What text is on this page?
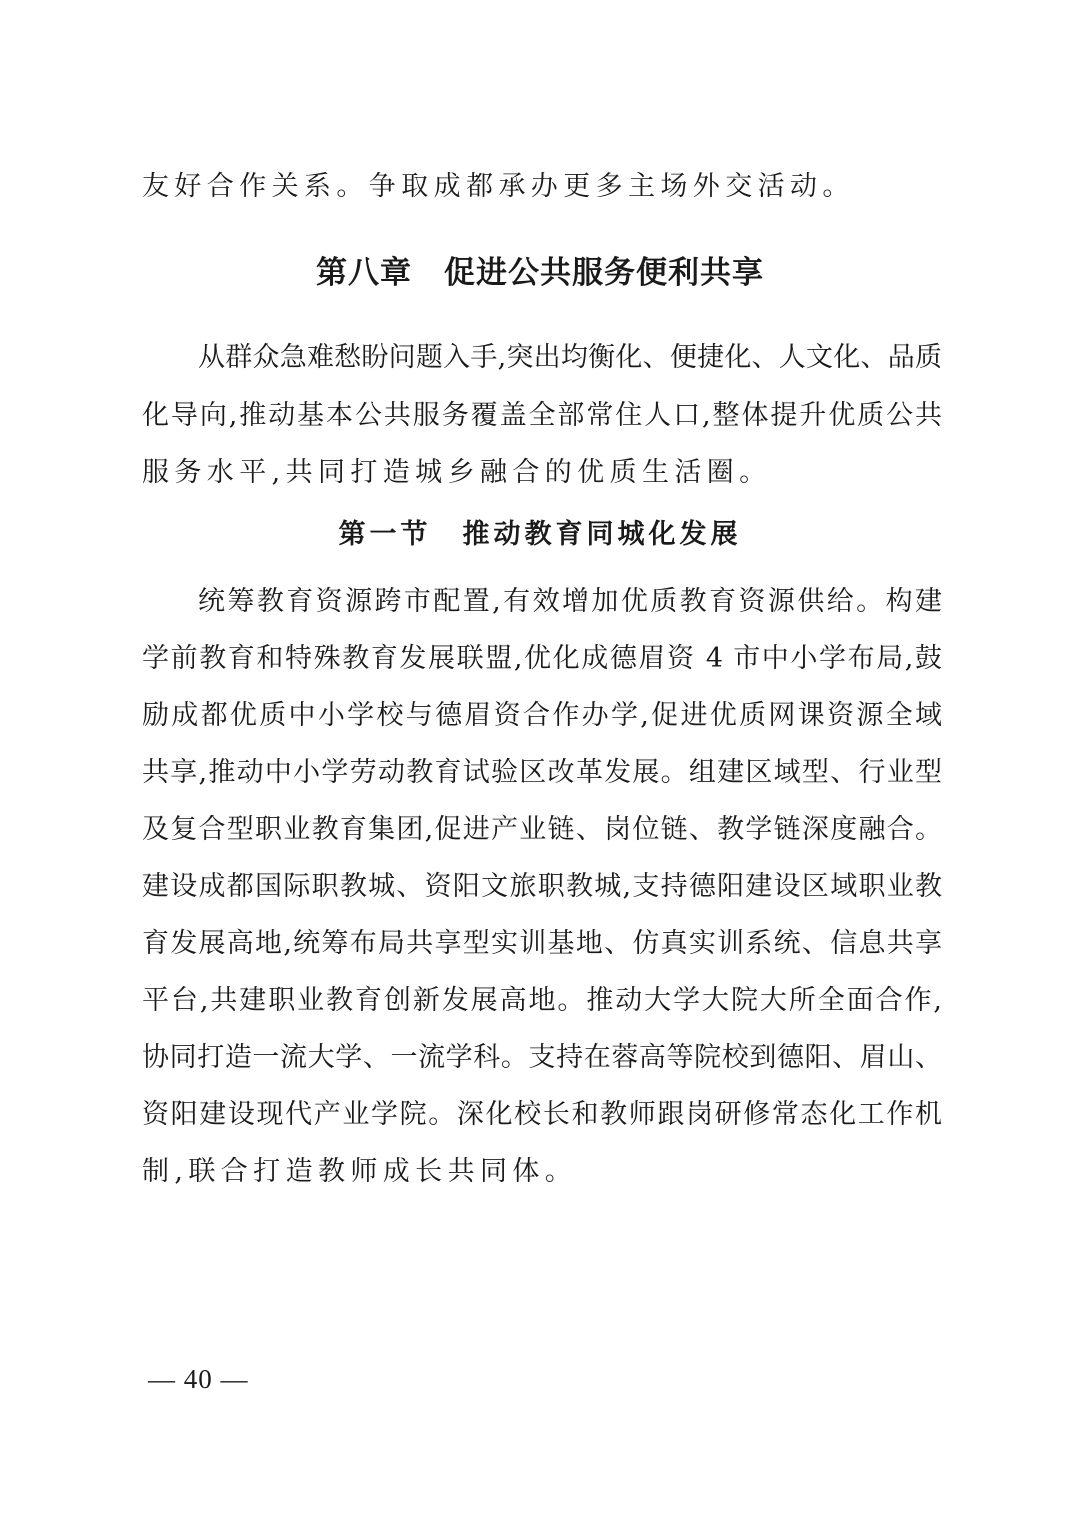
友好合作关系。争取成都承办更多主场外交活动。
第八章　促进公共服务便利共享
从群众急难愁盼问题入手,突出均衡化、便捷化、人文化、品质
化导向,推动基本公共服务覆盖全部常住人口,整体提升优质公共
服务水平,共同打造城乡融合的优质生活圈。
第一节　推动教育同城化发展
统筹教育资源跨市配置,有效增加优质教育资源供给。构建
学前教育和特殊教育发展联盟,优化成德眉资 4 市中小学布局,鼓
励成都优质中小学校与德眉资合作办学,促进优质网课资源全域
共享,推动中小学劳动教育试验区改革发展。组建区域型、行业型
及复合型职业教育集团,促进产业链、岗位链、教学链深度融合。
建设成都国际职教城、资阳文旅职教城,支持德阳建设区域职业教
育发展高地,统筹布局共享型实训基地、仿真实训系统、信息共享
平台,共建职业教育创新发展高地。推动大学大院大所全面合作,
协同打造一流大学、一流学科。支持在蓉高等院校到德阳、眉山、
资阳建设现代产业学院。深化校长和教师跟岗研修常态化工作机
制,联合打造教师成长共同体。
— 40 —
